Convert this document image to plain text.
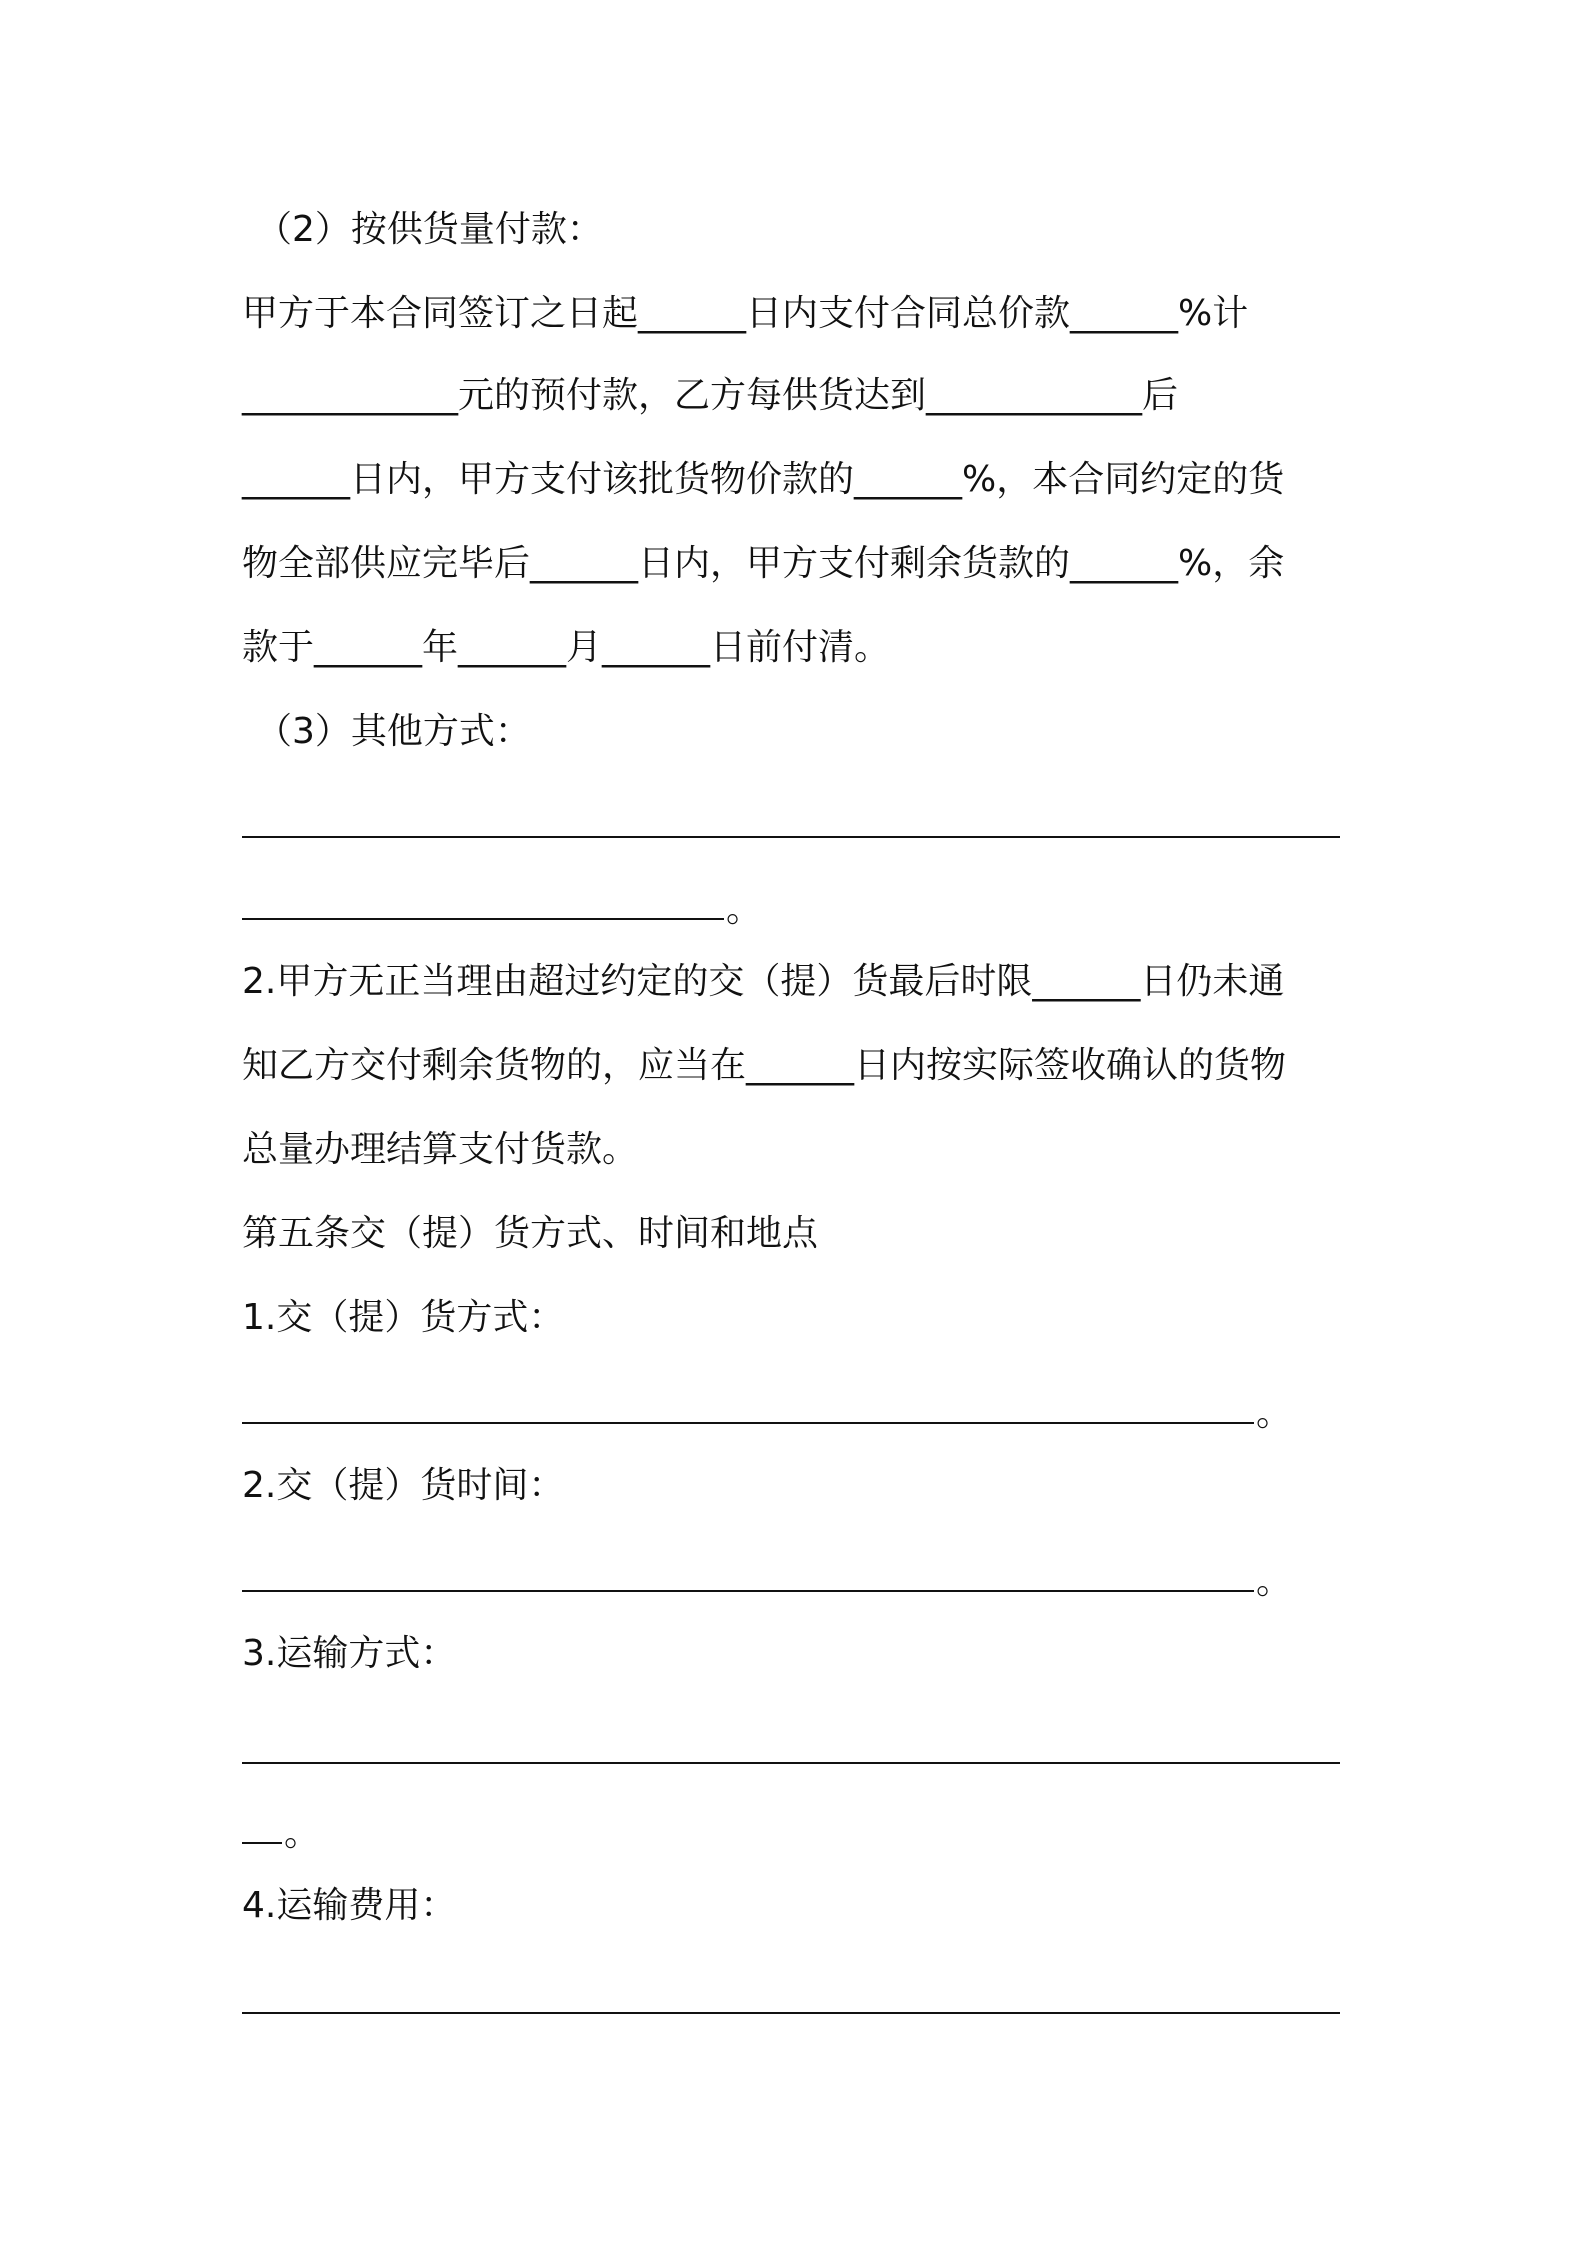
（2）按供货量付款：

甲方于本合同签订之日起______日内支付合同总价款______%计

____________元的预付款，乙方每供货达到____________后

______日内，甲方支付该批货物价款的______%，本合同约定的货

物全部供应完毕后______日内，甲方支付剩余货款的______%，余

款于______年______月______日前付清。

（3）其他方式：

。

2.甲方无正当理由超过约定的交（提）货最后时限______日仍未通

知乙方交付剩余货物的，应当在______日内按实际签收确认的货物

总量办理结算支付货款。

第五条交（提）货方式、时间和地点

1.交（提）货方式：

。

2.交（提）货时间：

。

3.运输方式：

。

4.运输费用：
